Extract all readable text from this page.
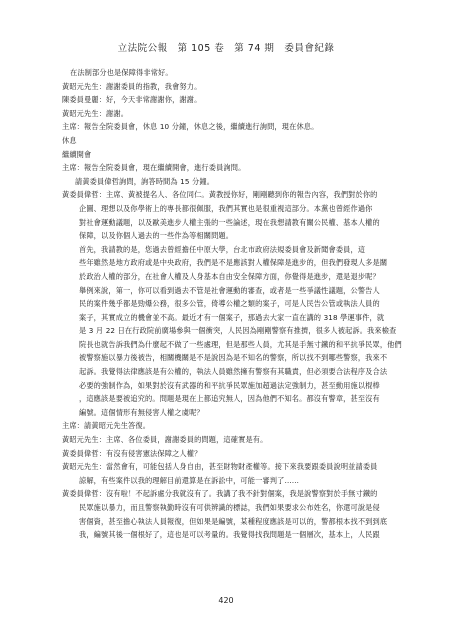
立法院公報　第 105 卷　第 74 期　委員會紀錄
在法制部分也是保障得非常好。
黃昭元先生：謝謝委員的指教，我會努力。
陳委員曼麗：好，今天非常謝謝你，謝謝。
黃昭元先生：謝謝。
主席：報告全院委員會，休息 10 分鐘，休息之後，繼續進行詢問，現在休息。
休息
繼續開會
主席：報告全院委員會，現在繼續開會，進行委員詢問。
請黃委員偉哲詢問，詢答時間為 15 分鐘。
黃委員偉哲：主席、黃被提名人、各位同仁。黃教授你好，剛剛聽到你的報告內容，我們對於你的
企圖、理想以及你學術上的專長都很佩服，我們其實也是很重視這部分。本黨也曾經作過你
對社會運動議題，以及歐美進步人權主張的一些論述，現在我想請教有關公民權、基本人權的
保障，以及你個人過去的一些作為等相關問題。
首先，我請教的是，您過去曾經擔任中原大學，台北市政府法規委員會及新聞會委員，這
些年雖然是地方政府或是中央政府，我們是不是應該對人權保障是進步的，但我們發現人多是關
於政治人權的部分，在社會人權及人身基本自由安全保障方面，你覺得是進步，還是退步呢？
舉例來說，第一，你可以看到過去不管是社會運動的審查，或者是一些爭議性議題，公警告人
民的案件幾乎都是勁爆公務，很多公管，倚導公權之類的案子，可是人民告公管或執法人員的
案子，其實成立的機會並不高。最近才有一個案子，那過去大家一直在講的 318 學運事件，就
是 3 月 22 日在行政院前廣場參與一個衝突，人民因為剛剛警察有推擠，很多人被起訴。我來檢查
院長也就告訴我們為什麼起不做了一些處理，但是那些人員，尤其是手無寸鐵的和平抗爭民眾，他們
被警察施以暴力後被告，相關機關是不是說因為是不知名的警察，所以找不到哪些警察，我來不
起訴。我覺得法律應該是有公權的，執法人員雖然擁有警察有其職責，但必須要合法程序及合法
必要的強制作為，如果對於沒有武器的和平抗爭民眾施加超過法定強制力，甚至動用施以棍棒
，這應該是要被追究的。問題是現在上都追究無人，因為他們不知名。都沒有警章，甚至沒有
編號。這個情形有無侵害人權之虞呢？
主席：請黃昭元先生答復。
黃昭元先生：主席、各位委員，謝謝委員的問題，這確實是有。
黃委員偉哲：有沒有侵害憲法保障之人權？
黃昭元先生：當然會有，可能包括人身自由，甚至財物財產權等。接下來我要跟委員說明並請委員
諒解，有些案件以我的理解目前還算是在訴訟中，可能一審判了……
黃委員偉哲：沒有啦！不起訴處分我就沒有了。我講了我不針對個案，我是說警察對於手無寸鐵的
民眾施以暴力，而且警察執勤時沒有可供辨識的標誌，我們如果要求公布姓名，你還可說是侵
害個資，甚至擔心執法人員報復，但如果是編號，某種程度應該是可以的，警都根本找不到到底
我，編號其後一個根好了，這也是可以考量的。我覺得找我問題是一個層次，基本上，人民跟
420
